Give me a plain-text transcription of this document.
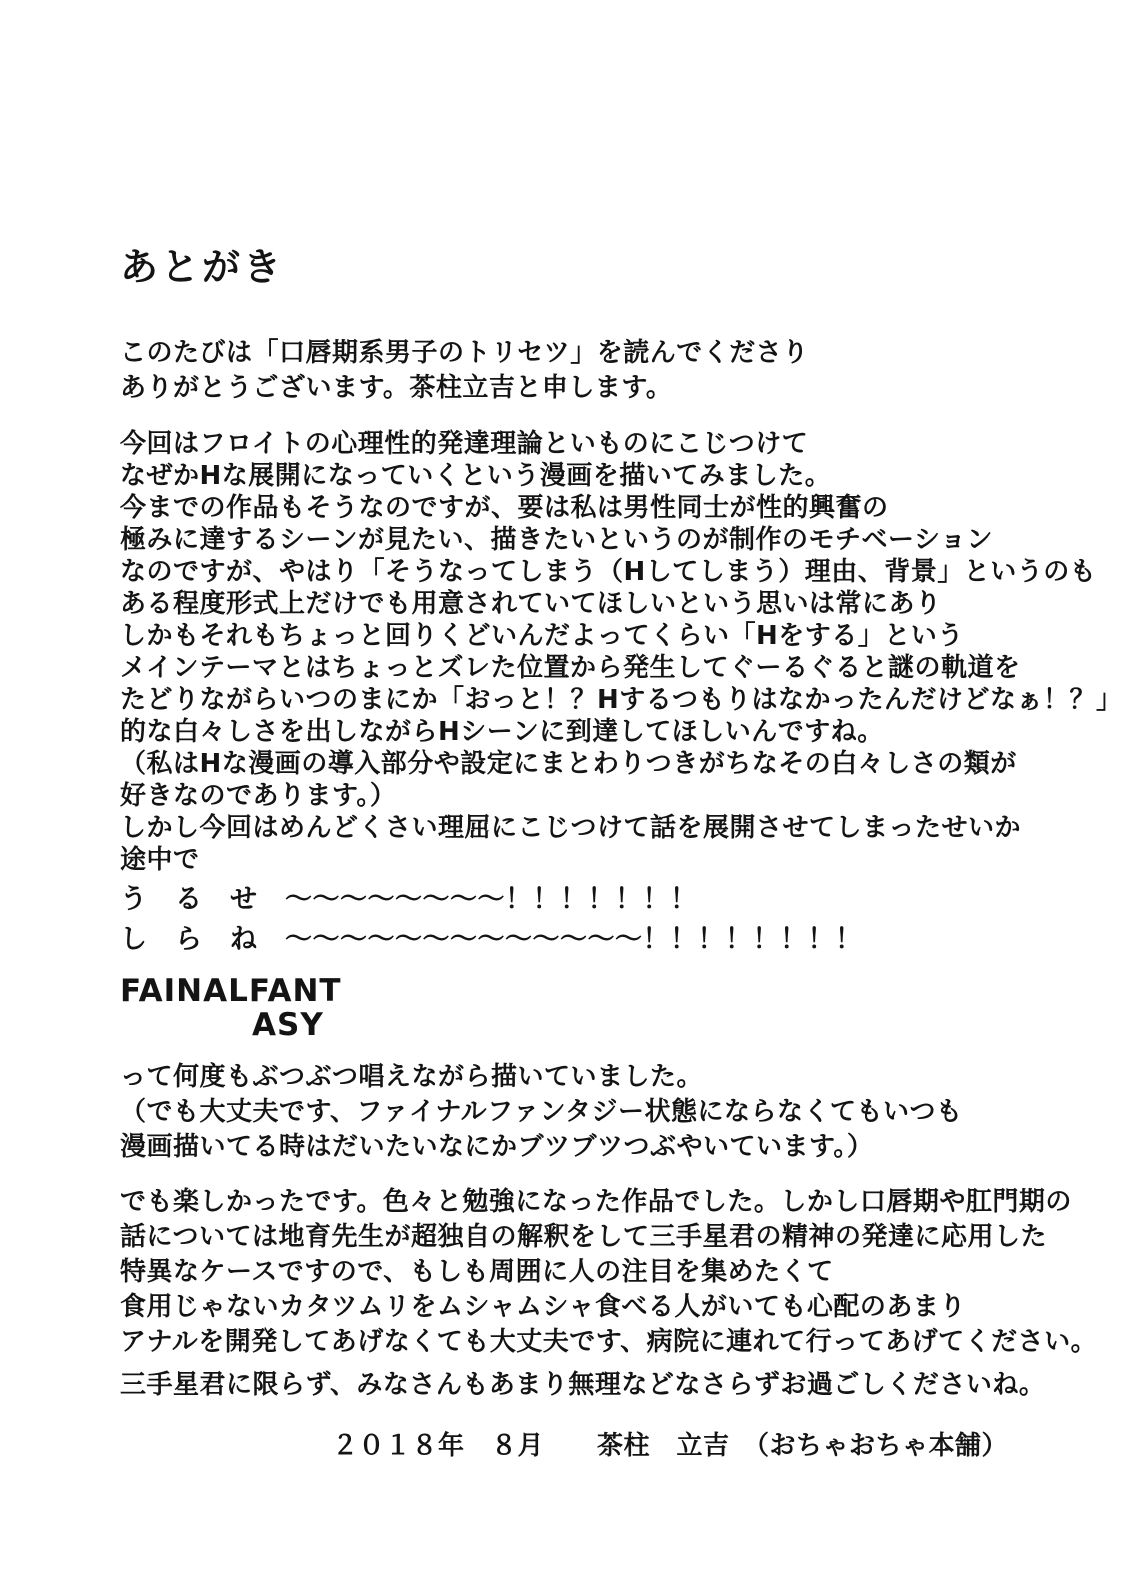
あとがき
このたびは「口唇期系男子のトリセツ」を読んでくださり
ありがとうございます。茶柱立吉と申します。
今回はフロイトの心理性的発達理論といものにこじつけて
なぜかHな展開になっていくという漫画を描いてみました。
今までの作品もそうなのですが、要は私は男性同士が性的興奮の
極みに達するシーンが見たい、描きたいというのが制作のモチベーション
なのですが、やはり「そうなってしまう（Hしてしまう）理由、背景」というのも
ある程度形式上だけでも用意されていてほしいという思いは常にあり
しかもそれもちょっと回りくどいんだよってくらい「Hをする」という
メインテーマとはちょっとズレた位置から発生してぐーるぐると謎の軌道を
たどりながらいつのまにか「おっと！？Hするつもりはなかったんだけどなぁ！？」
的な白々しさを出しながらHシーンに到達してほしいんですね。
（私はHな漫画の導入部分や設定にまとわりつきがちなその白々しさの類が
好きなのであります。）
しかし今回はめんどくさい理屈にこじつけて話を展開させてしまったせいか
途中で
う　る　せ　～～～～～～～～！！！！！！！
し　ら　ね　～～～～～～～～～～～～～！！！！！！！！
FAINALFANT
ASY
って何度もぶつぶつ唱えながら描いていました。
（でも大丈夫です、ファイナルファンタジー状態にならなくてもいつも
漫画描いてる時はだいたいなにかブツブツつぶやいています。）
でも楽しかったです。色々と勉強になった作品でした。しかし口唇期や肛門期の
話については地育先生が超独自の解釈をして三手星君の精神の発達に応用した
特異なケースですので、もしも周囲に人の注目を集めたくて
食用じゃないカタツムリをムシャムシャ食べる人がいても心配のあまり
アナルを開発してあげなくても大丈夫です、病院に連れて行ってあげてください。
三手星君に限らず、みなさんもあまり無理などなさらずお過ごしくださいね。
２０１８年　８月　　茶柱　立吉　（おちゃおちゃ本舗）
